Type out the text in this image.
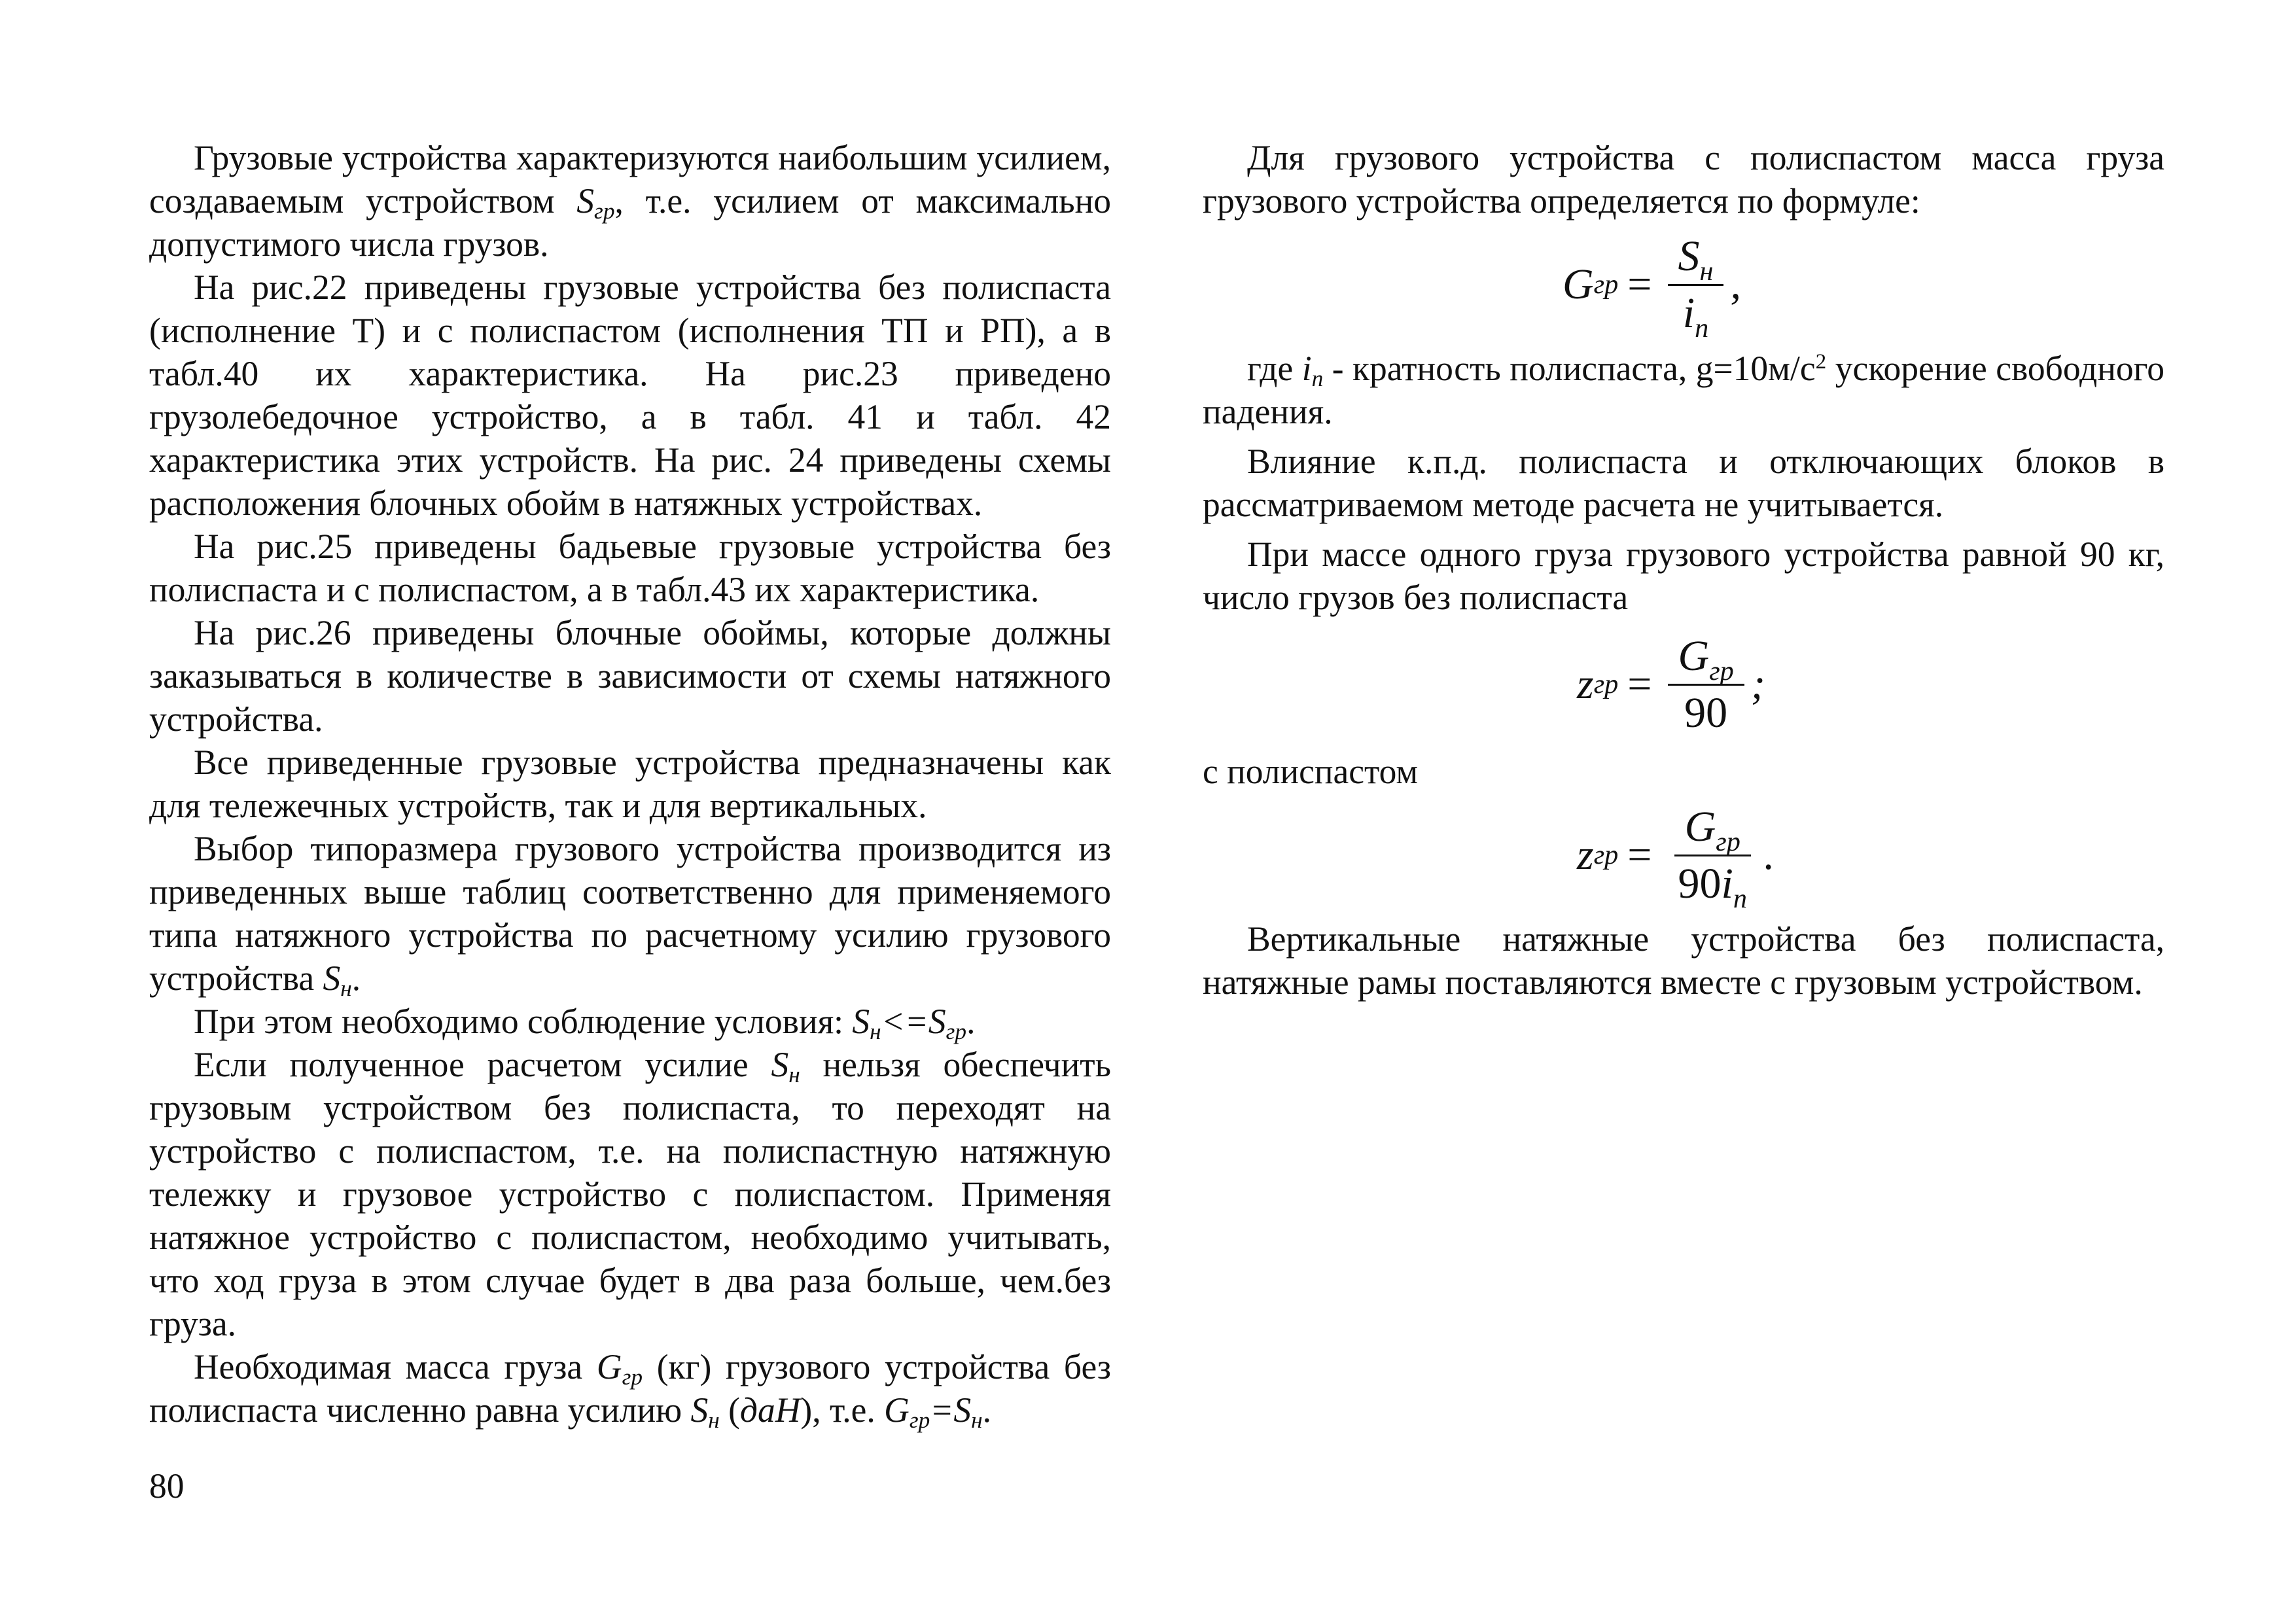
Грузовые устройства характеризуются наибольшим усилием, создаваемым устройством $S_{гр}$, т.е. усилием от максимально допустимого числа грузов.

На рис.22 приведены грузовые устройства без полиспаста (исполнение Т) и с полиспастом (исполнения ТП и РП), а в табл.40 их характеристика. На рис.23 приведено грузолебедочное устройство, а в табл. 41 и табл. 42 характеристика этих устройств. На рис. 24 приведены схемы расположения блочных обойм в натяжных устройствах.

На рис.25 приведены бадьевые грузовые устройства без полиспаста и с полиспастом, а в табл.43 их характеристика.

На рис.26 приведены блочные обоймы, которые должны заказываться в количестве в зависимости от схемы натяжного устройства.

Все приведенные грузовые устройства предназначены как для тележечных устройств, так и для вертикальных.

Выбор типоразмера грузового устройства производится из приведенных выше таблиц соответственно для применяемого типа натяжного устройства по расчетному усилию грузового устройства $S_н$.

При этом необходимо соблюдение условия: $S_н<=S_{гр}$.

Если полученное расчетом усилие $S_н$ нельзя обеспечить грузовым устройством без полиспаста, то переходят на устройство с полиспастом, т.е. на полиспастную натяжную тележку и грузовое устройство с полиспастом. Применяя натяжное устройство с полиспастом, необходимо учитывать, что ход груза в этом случае будет в два раза больше, чем.без груза.

Необходимая масса груза $G_{гр}$ (кг) грузового устройства без полиспаста численно равна усилию $S_н$ (даН), т.е. $G_{гр}=S_н$.

Для грузового устройства с полиспастом масса груза грузового устройства определяется по формуле:

G гр = $\frac{S_н}{i_n}$ ,

где $i_n$ - кратность полиспаста, $g=10м/с^2$ ускорение свободного падения.

Влияние к.п.д. полиспаста и отключающих блоков в рассматриваемом методе расчета не учитывается.

При массе одного груза грузового устройства равной 90 кг, число грузов без полиспаста

z гр = $\frac{G_{гр}}{90}$ ;

с полиспастом

z гр = $\frac{G_{гр}}{90i_n}$ .

Вертикальные натяжные устройства без полиспаста, натяжные рамы поставляются вместе с грузовым устройством.

80
